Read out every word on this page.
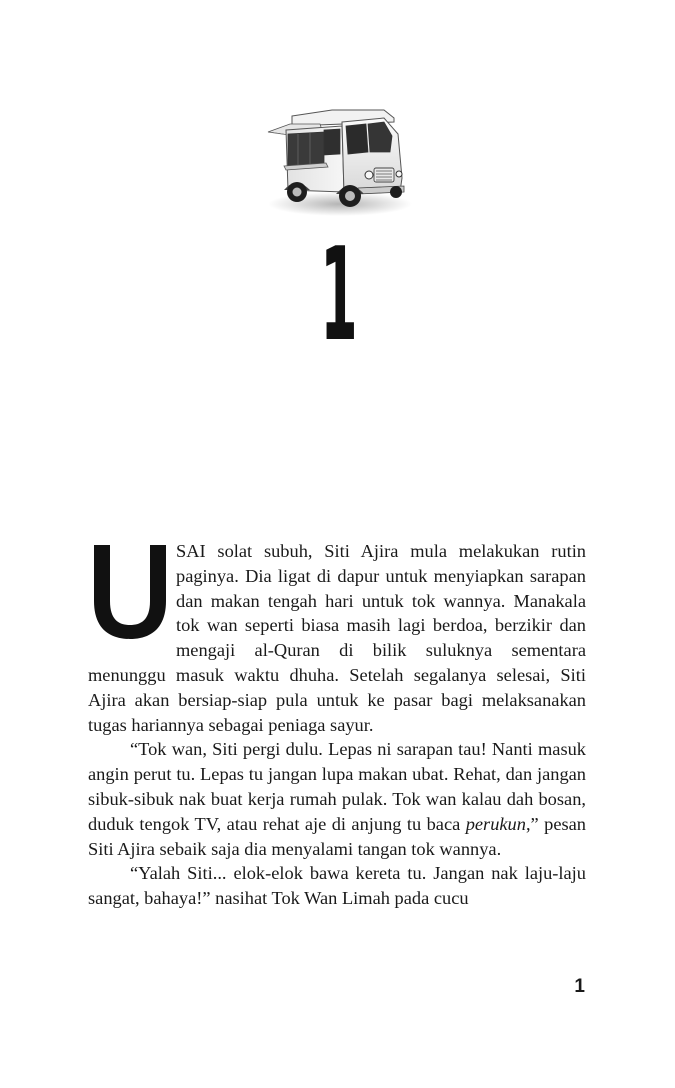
1

SAI solat subuh, Siti Ajira mula melakukan rutin paginya. Dia ligat di dapur untuk menyiapkan sarapan dan makan tengah hari untuk tok wannya. Manakala tok wan seperti biasa masih lagi berdoa, berzikir dan mengaji al-Quran di bilik suluknya sementara menunggu masuk waktu dhuha. Setelah segalanya selesai, Siti Ajira akan bersiap-siap pula untuk ke pasar bagi melaksanakan tugas hariannya sebagai peniaga sayur.

“Tok wan, Siti pergi dulu. Lepas ni sarapan tau! Nanti masuk angin perut tu. Lepas tu jangan lupa makan ubat. Rehat, dan jangan sibuk-sibuk nak buat kerja rumah pulak. Tok wan kalau dah bosan, duduk tengok TV, atau rehat aje di anjung tu baca perukun,” pesan Siti Ajira sebaik saja dia menyalami tangan tok wannya.

“Yalah Siti... elok-elok bawa kereta tu. Jangan nak laju-laju sangat, bahaya!” nasihat Tok Wan Limah pada cucu

1
